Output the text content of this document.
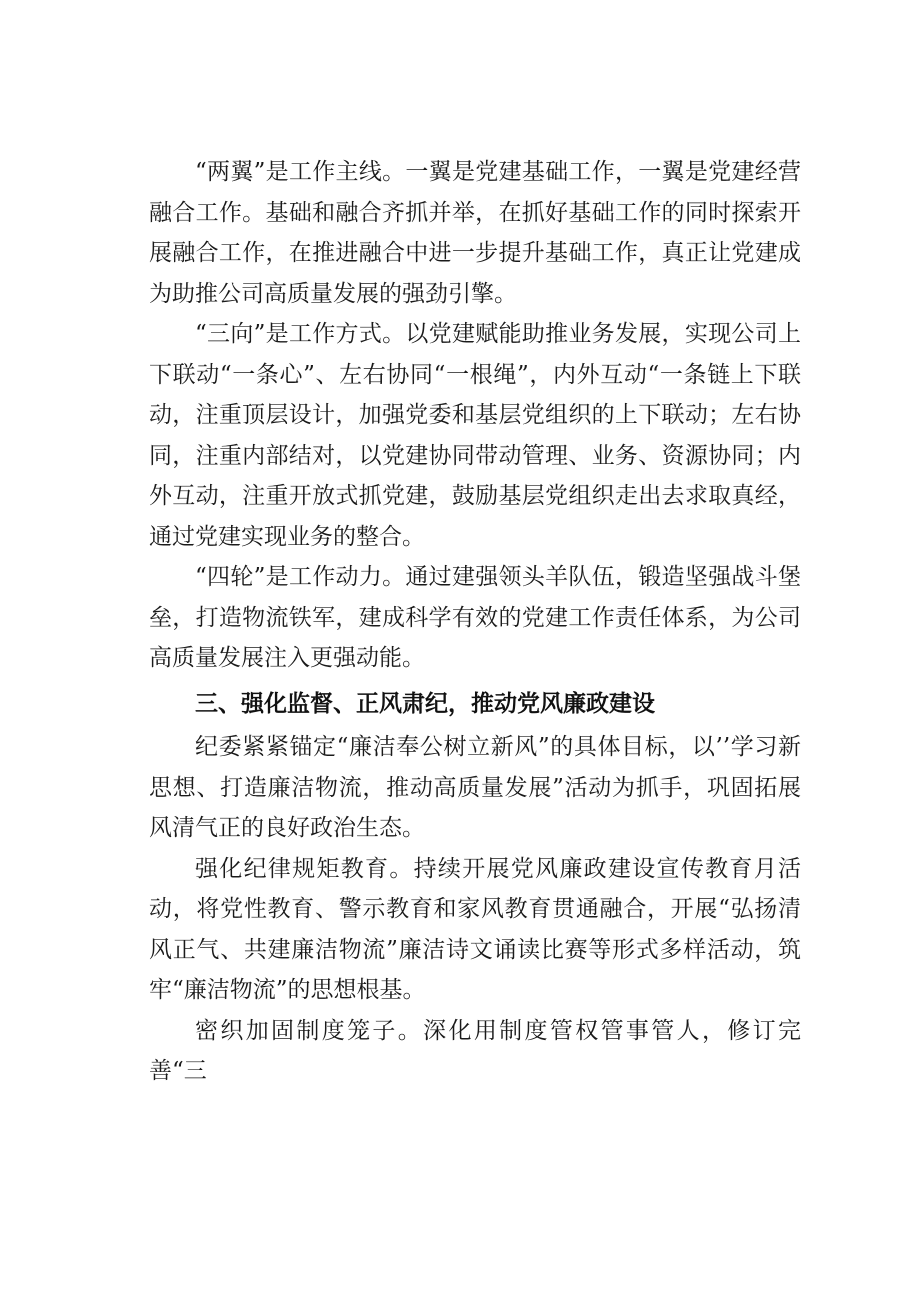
“两翼”是工作主线。一翼是党建基础工作，一翼是党建经营融合工作。基础和融合齐抓并举，在抓好基础工作的同时探索开展融合工作，在推进融合中进一步提升基础工作，真正让党建成为助推公司高质量发展的强劲引擎。

“三向”是工作方式。以党建赋能助推业务发展，实现公司上下联动“一条心”、左右协同“一根绳”，内外互动“一条链上下联动，注重顶层设计，加强党委和基层党组织的上下联动；左右协同，注重内部结对，以党建协同带动管理、业务、资源协同；内外互动，注重开放式抓党建，鼓励基层党组织走出去求取真经，通过党建实现业务的整合。

“四轮”是工作动力。通过建强领头羊队伍，锻造坚强战斗堡垒，打造物流铁军，建成科学有效的党建工作责任体系，为公司高质量发展注入更强动能。

三、强化监督、正风肃纪，推动党风廉政建设

纪委紧紧锚定“廉洁奉公树立新风”的具体目标，以’’学习新思想、打造廉洁物流，推动高质量发展”活动为抓手，巩固拓展风清气正的良好政治生态。

强化纪律规矩教育。持续开展党风廉政建设宣传教育月活动，将党性教育、警示教育和家风教育贯通融合，开展“弘扬清风正气、共建廉洁物流”廉洁诗文诵读比赛等形式多样活动，筑牢“廉洁物流”的思想根基。

密织加固制度笼子。深化用制度管权管事管人，修订完善“三
